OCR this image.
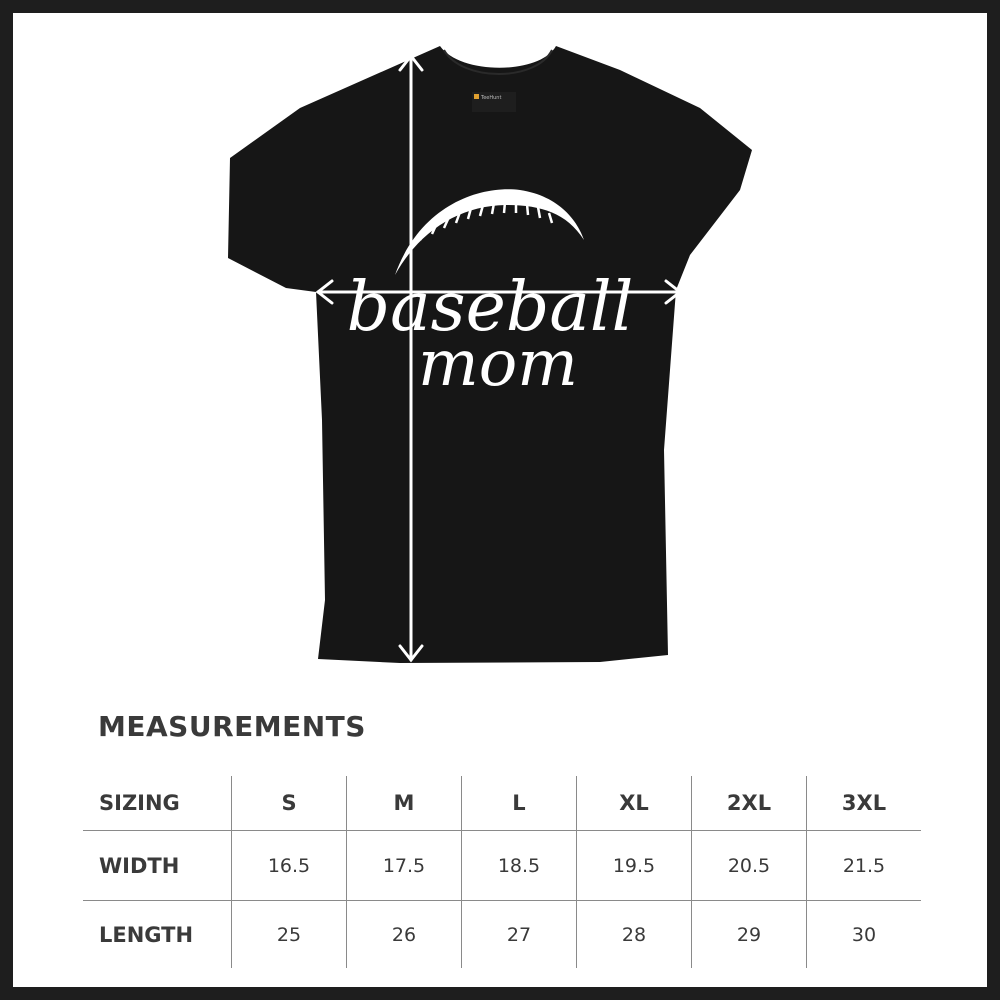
TeeHunt
baseball
mom
MEASUREMENTS
SIZING	S	M	L	XL	2XL	3XL
WIDTH	16.5	17.5	18.5	19.5	20.5	21.5
LENGTH	25	26	27	28	29	30
